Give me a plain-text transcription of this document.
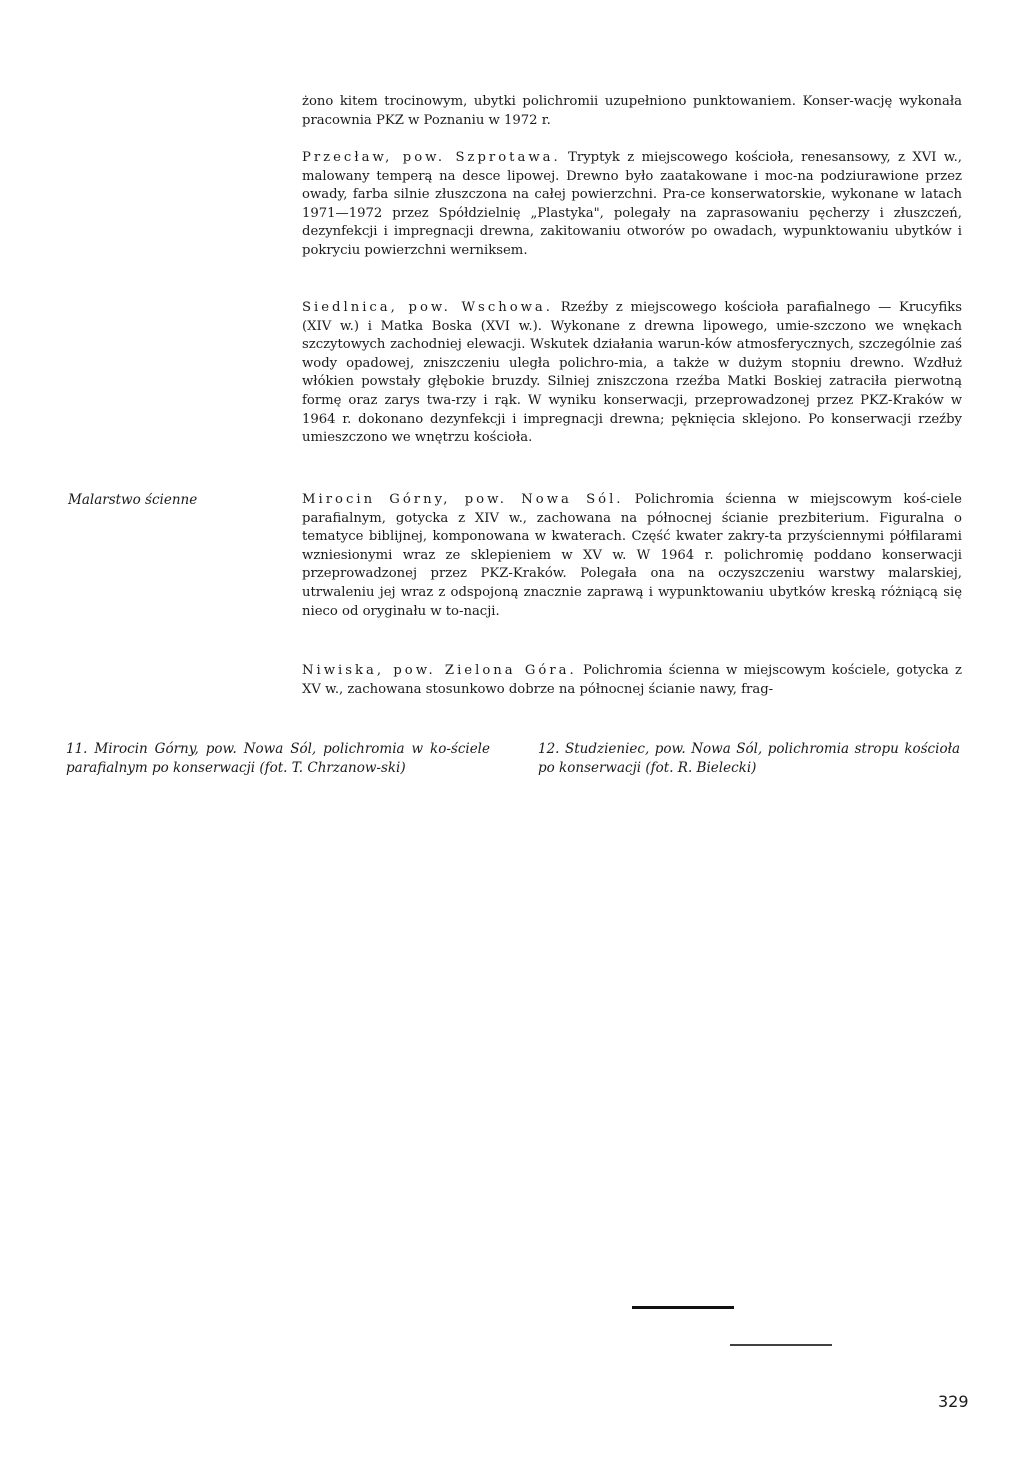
żono kitem trocinowym, ubytki polichromii uzupełniono punktowaniem. Konser-wację wykonała pracownia PKZ w Poznaniu w 1972 r.

Przecław, pow. Szprotawa. Tryptyk z miejscowego kościoła, renesansowy, z XVI w., malowany temperą na desce lipowej. Drewno było zaatakowane i moc-na podziurawione przez owady, farba silnie złuszczona na całej powierzchni. Pra-ce konserwatorskie, wykonane w latach 1971—1972 przez Spółdzielnię „Plastyka", polegały na zaprasowaniu pęcherzy i złuszczeń, dezynfekcji i impregnacji drewna, zakitowaniu otworów po owadach, wypunktowaniu ubytków i pokryciu powierzchni werniksem.

Siedlnica, pow. Wschowa. Rzeźby z miejscowego kościoła parafialnego — Krucyfiks (XIV w.) i Matka Boska (XVI w.). Wykonane z drewna lipowego, umie-szczono we wnękach szczytowych zachodniej elewacji. Wskutek działania warun-ków atmosferycznych, szczególnie zaś wody opadowej, zniszczeniu uległa polichro-mia, a także w dużym stopniu drewno. Wzdłuż włókien powstały głębokie bruzdy. Silniej zniszczona rzeźba Matki Boskiej zatraciła pierwotną formę oraz zarys twa-rzy i rąk. W wyniku konserwacji, przeprowadzonej przez PKZ-Kraków w 1964 r. dokonano dezynfekcji i impregnacji drewna; pęknięcia sklejono. Po konserwacji rzeźby umieszczono we wnętrzu kościoła.

Malarstwo ścienne	Mirocin Górny, pow. Nowa Sól. Polichromia ścienna w miejscowym koś-ciele parafialnym, gotycka z XIV w., zachowana na północnej ścianie prezbiterium. Figuralna o tematyce biblijnej, komponowana w kwaterach. Część kwater zakry-ta przyściennymi półfilarami wzniesionymi wraz ze sklepieniem w XV w. W 1964 r. polichromię poddano konserwacji przeprowadzonej przez PKZ-Kraków. Polegała ona na oczyszczeniu warstwy malarskiej, utrwaleniu jej wraz z odspojoną znacznie zaprawą i wypunktowaniu ubytków kreską różniącą się nieco od oryginału w to-nacji.

Niwiska, pow. Zielona Góra. Polichromia ścienna w miejscowym kościele, gotycka z XV w., zachowana stosunkowo dobrze na północnej ścianie nawy, frag-

11. Mirocin Górny, pow. Nowa Sól, polichromia w ko-ściele parafialnym po konserwacji (fot. T. Chrzanow-ski)
12. Studzieniec, pow. Nowa Sól, polichromia stropu kościoła po konserwacji (fot. R. Bielecki)
329
